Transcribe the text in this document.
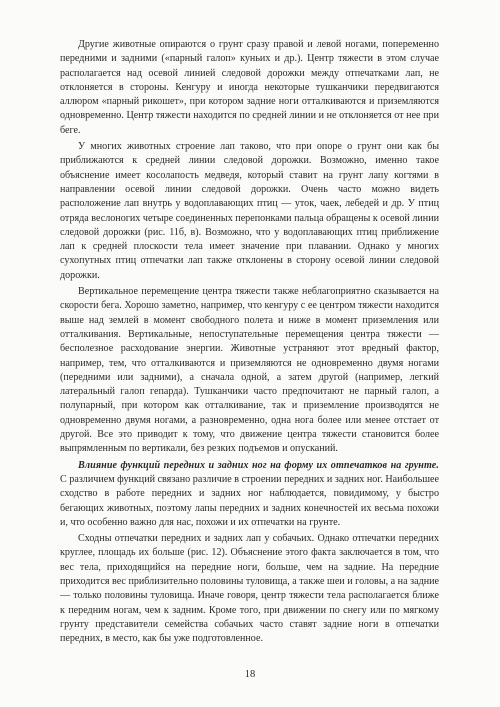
Другие животные опираются о грунт сразу правой и левой ногами, попеременно передними и задними («парный галоп» куньих и др.). Центр тяжести в этом случае располагается над осевой линией следовой дорожки между отпечатками лап, не отклоняется в стороны. Кенгуру и иногда некоторые тушканчики передвигаются аллюром «парный рикошет», при котором задние ноги отталкиваются и приземляются одновременно. Центр тяжести находится по средней линии и не отклоняется от нее при беге.

У многих животных строение лап таково, что при опоре о грунт они как бы приближаются к средней линии следовой дорожки. Возможно, именно такое объяснение имеет косолапость медведя, который ставит на грунт лапу когтями в направлении осевой линии следовой дорожки. Очень часто можно видеть расположение лап внутрь у водоплавающих птиц — уток, чаек, лебедей и др. У птиц отряда веслоногих четыре соединенных перепонками пальца обращены к осевой линии следовой дорожки (рис. 11б, в). Возможно, что у водоплавающих птиц приближение лап к средней плоскости тела имеет значение при плавании. Однако у многих сухопутных птиц отпечатки лап также отклонены в сторону осевой линии следовой дорожки.

Вертикальное перемещение центра тяжести также неблагоприятно сказывается на скорости бега. Хорошо заметно, например, что кенгуру с ее центром тяжести находится выше над землей в момент свободного полета и ниже в момент приземления или отталкивания. Вертикальные, непоступательные перемещения центра тяжести — бесполезное расходование энергии. Животные устраняют этот вредный фактор, например, тем, что отталкиваются и приземляются не одновременно двумя ногами (передними или задними), а сначала одной, а затем другой (например, легкий латеральный галоп гепарда). Тушканчики часто предпочитают не парный галоп, а полупарный, при котором как отталкивание, так и приземление производятся не одновременно двумя ногами, а разновременно, одна нога более или менее отстает от другой. Все это приводит к тому, что движение центра тяжести становится более выпрямленным по вертикали, без резких подъемов и опусканий.

Влияние функций передних и задних ног на форму их отпечатков на грунте. С различием функций связано различие в строении передних и задних ног. Наибольшее сходство в работе передних и задних ног наблюдается, повидимому, у быстро бегающих животных, поэтому лапы передних и задних конечностей их весьма похожи и, что особенно важно для нас, похожи и их отпечатки на грунте.

Сходны отпечатки передних и задних лап у собачьих. Однако отпечатки передних круглее, площадь их больше (рис. 12). Объяснение этого факта заключается в том, что вес тела, приходящийся на передние ноги, больше, чем на задние. На передние приходится вес приблизительно половины туловища, а также шеи и головы, а на задние — только половины туловища. Иначе говоря, центр тяжести тела располагается ближе к передним ногам, чем к задним. Кроме того, при движении по снегу или по мягкому грунту представители семейства собачьих часто ставят задние ноги в отпечатки передних, в место, как бы уже подготовленное.

18
